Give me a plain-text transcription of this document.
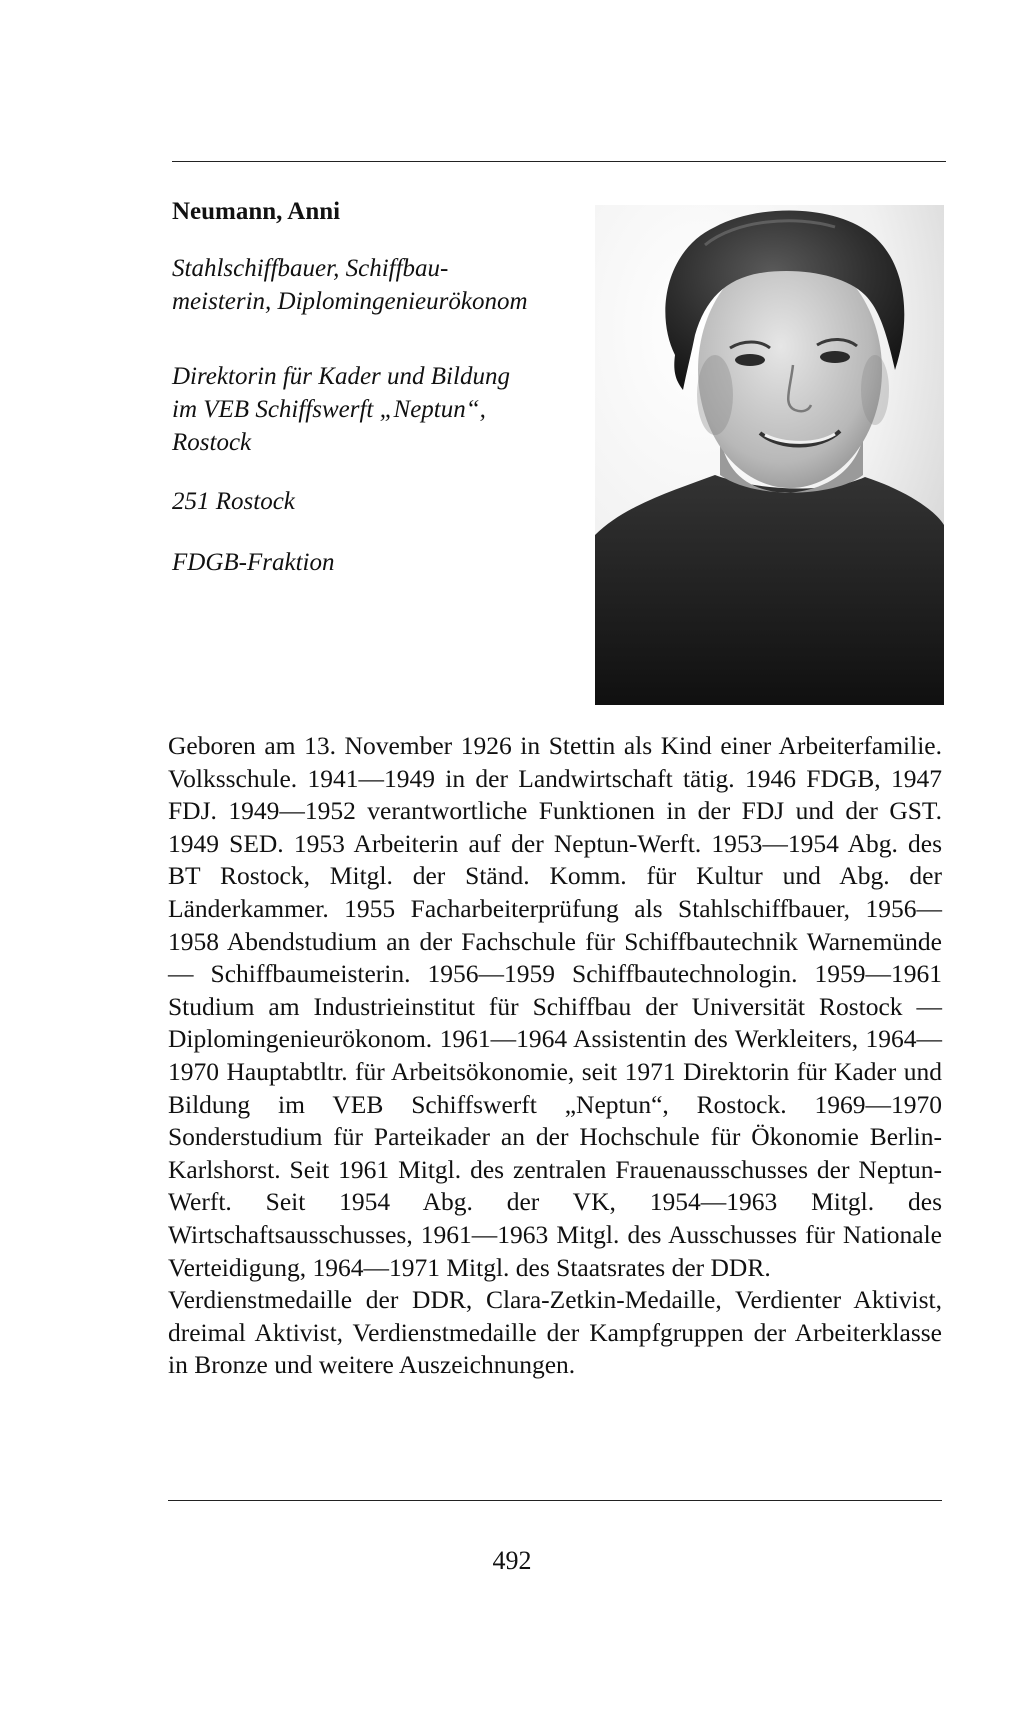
Neumann, Anni
Stahlschiffbauer, Schiffbau-
meisterin, Diplomingenieurökonom
Direktorin für Kader und Bildung
im VEB Schiffswerft „Neptun“,
Rostock
251 Rostock
FDGB-Fraktion

Geboren am 13. November 1926 in Stettin als Kind einer Arbeiterfamilie. Volksschule. 1941—1949 in der Landwirtschaft tätig. 1946 FDGB, 1947 FDJ. 1949—1952 verantwortliche Funktionen in der FDJ und der GST. 1949 SED. 1953 Arbeiterin auf der Neptun-Werft. 1953—1954 Abg. des BT Rostock, Mitgl. der Ständ. Komm. für Kultur und Abg. der Länderkammer. 1955 Facharbeiterprüfung als Stahlschiffbauer, 1956—1958 Abendstudium an der Fachschule für Schiffbautechnik Warnemünde — Schiffbaumeisterin. 1956—1959 Schiffbautechnologin. 1959—1961 Studium am Industrieinstitut für Schiffbau der Universität Rostock — Diplomingenieurökonom. 1961—1964 Assistentin des Werkleiters, 1964—1970 Hauptabtltr. für Arbeitsökonomie, seit 1971 Direktorin für Kader und Bildung im VEB Schiffswerft „Neptun“, Rostock. 1969—1970 Sonderstudium für Parteikader an der Hochschule für Ökonomie Berlin-Karlshorst. Seit 1961 Mitgl. des zentralen Frauenausschusses der Neptun-Werft. Seit 1954 Abg. der VK, 1954—1963 Mitgl. des Wirtschaftsausschusses, 1961—1963 Mitgl. des Ausschusses für Nationale Verteidigung, 1964—1971 Mitgl. des Staatsrates der DDR.

Verdienstmedaille der DDR, Clara-Zetkin-Medaille, Verdienter Aktivist, dreimal Aktivist, Verdienstmedaille der Kampfgruppen der Arbeiterklasse in Bronze und weitere Auszeichnungen.

492
